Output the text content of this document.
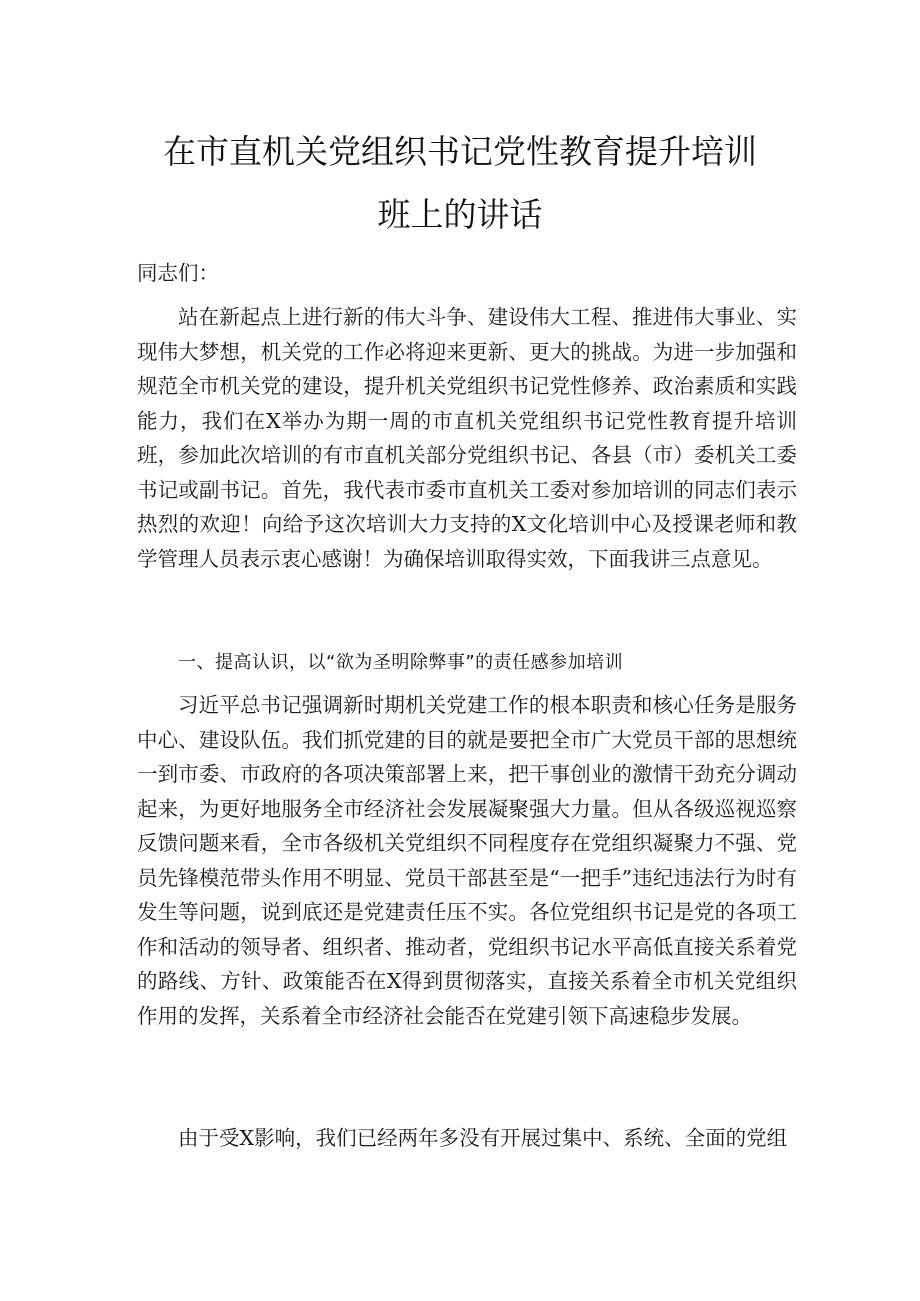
在市直机关党组织书记党性教育提升培训
班上的讲话

同志们：

站在新起点上进行新的伟大斗争、建设伟大工程、推进伟大事业、实现伟大梦想，机关党的工作必将迎来更新、更大的挑战。为进一步加强和规范全市机关党的建设，提升机关党组织书记党性修养、政治素质和实践能力，我们在X举办为期一周的市直机关党组织书记党性教育提升培训班，参加此次培训的有市直机关部分党组织书记、各县（市）委机关工委书记或副书记。首先，我代表市委市直机关工委对参加培训的同志们表示热烈的欢迎！向给予这次培训大力支持的X文化培训中心及授课老师和教学管理人员表示衷心感谢！为确保培训取得实效，下面我讲三点意见。

一、提高认识，以“欲为圣明除弊事”的责任感参加培训

习近平总书记强调新时期机关党建工作的根本职责和核心任务是服务中心、建设队伍。我们抓党建的目的就是要把全市广大党员干部的思想统一到市委、市政府的各项决策部署上来，把干事创业的激情干劲充分调动起来，为更好地服务全市经济社会发展凝聚强大力量。但从各级巡视巡察反馈问题来看，全市各级机关党组织不同程度存在党组织凝聚力不强、党员先锋模范带头作用不明显、党员干部甚至是“一把手”违纪违法行为时有发生等问题，说到底还是党建责任压不实。各位党组织书记是党的各项工作和活动的领导者、组织者、推动者，党组织书记水平高低直接关系着党的路线、方针、政策能否在X得到贯彻落实，直接关系着全市机关党组织作用的发挥，关系着全市经济社会能否在党建引领下高速稳步发展。

由于受X影响，我们已经两年多没有开展过集中、系统、全面的党组
